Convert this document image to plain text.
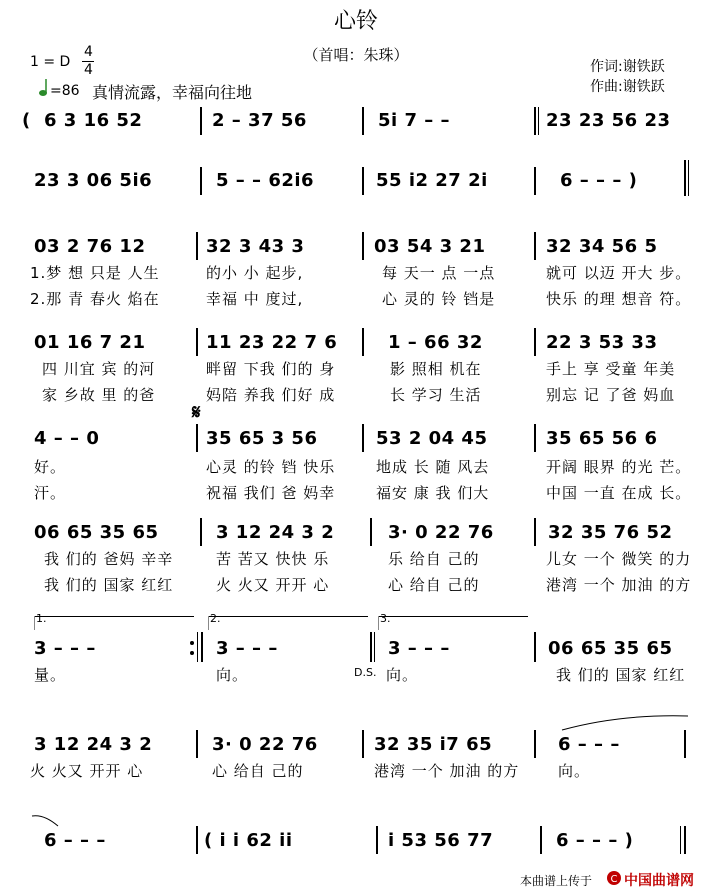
心铃
（首唱：朱珠）
1 = D
4
4
=86 真情流露，幸福向往地
作词:谢铁跃
作曲:谢铁跃
( 6 3 16 52	2 – 37 56	5i 7 – –	23 23 56 23
23 3 06 5i6	5 – – 62i6	55 i2 27 2i	6 – – – )
03 2 76 12	32 3 43 3	03 54 3 21	32 34 56 5
1.梦 想 只是 人生	的小 小 起步,	每 天一 点 一点	就可 以迈 开大 步。
2.那 青 春火 焰在	幸福 中 度过,	心 灵的 铃 铛是	快乐 的理 想音 符。
01 16 7 21	11 23 22 7 6	1 – 66 32	22 3 53 33
四 川宜 宾 的河	畔留 下我 们的 身	影 照相 机在	手上 享 受童 年美
家 乡故 里 的爸	妈陪 养我 们好 成	长 学习 生活	别忘 记 了爸 妈血
𝄋
4 – – 0	35 65 3 56	53 2 04 45	35 65 56 6
好。	心灵 的铃 铛 快乐	地成 长 随 风去	开阔 眼界 的光 芒。
汗。	祝福 我们 爸 妈幸	福安 康 我 们大	中国 一直 在成 长。
06 65 35 65	3 12 24 3 2	3· 0 22 76	32 35 76 52
我 们的 爸妈 辛辛	苦 苦又 快快 乐	乐 给自 己的	儿女 一个 微笑 的力
我 们的 国家 红红	火 火又 开开 心	心 给自 己的	港湾 一个 加油 的方
1.	2.	3.
3 – – –	3 – – –	3 – – –	06 65 35 65
量。	向。	D.S. 向。	我 们的 国家 红红
3 12 24 3 2	3· 0 22 76	32 35 i7 65	6 – – –
火 火又 开开 心	心 给自 己的	港湾 一个 加油 的方	向。
6 – – –	( i i 62 ii	i 53 56 77	6 – – – )
本曲谱上传于 C 中国曲谱网
